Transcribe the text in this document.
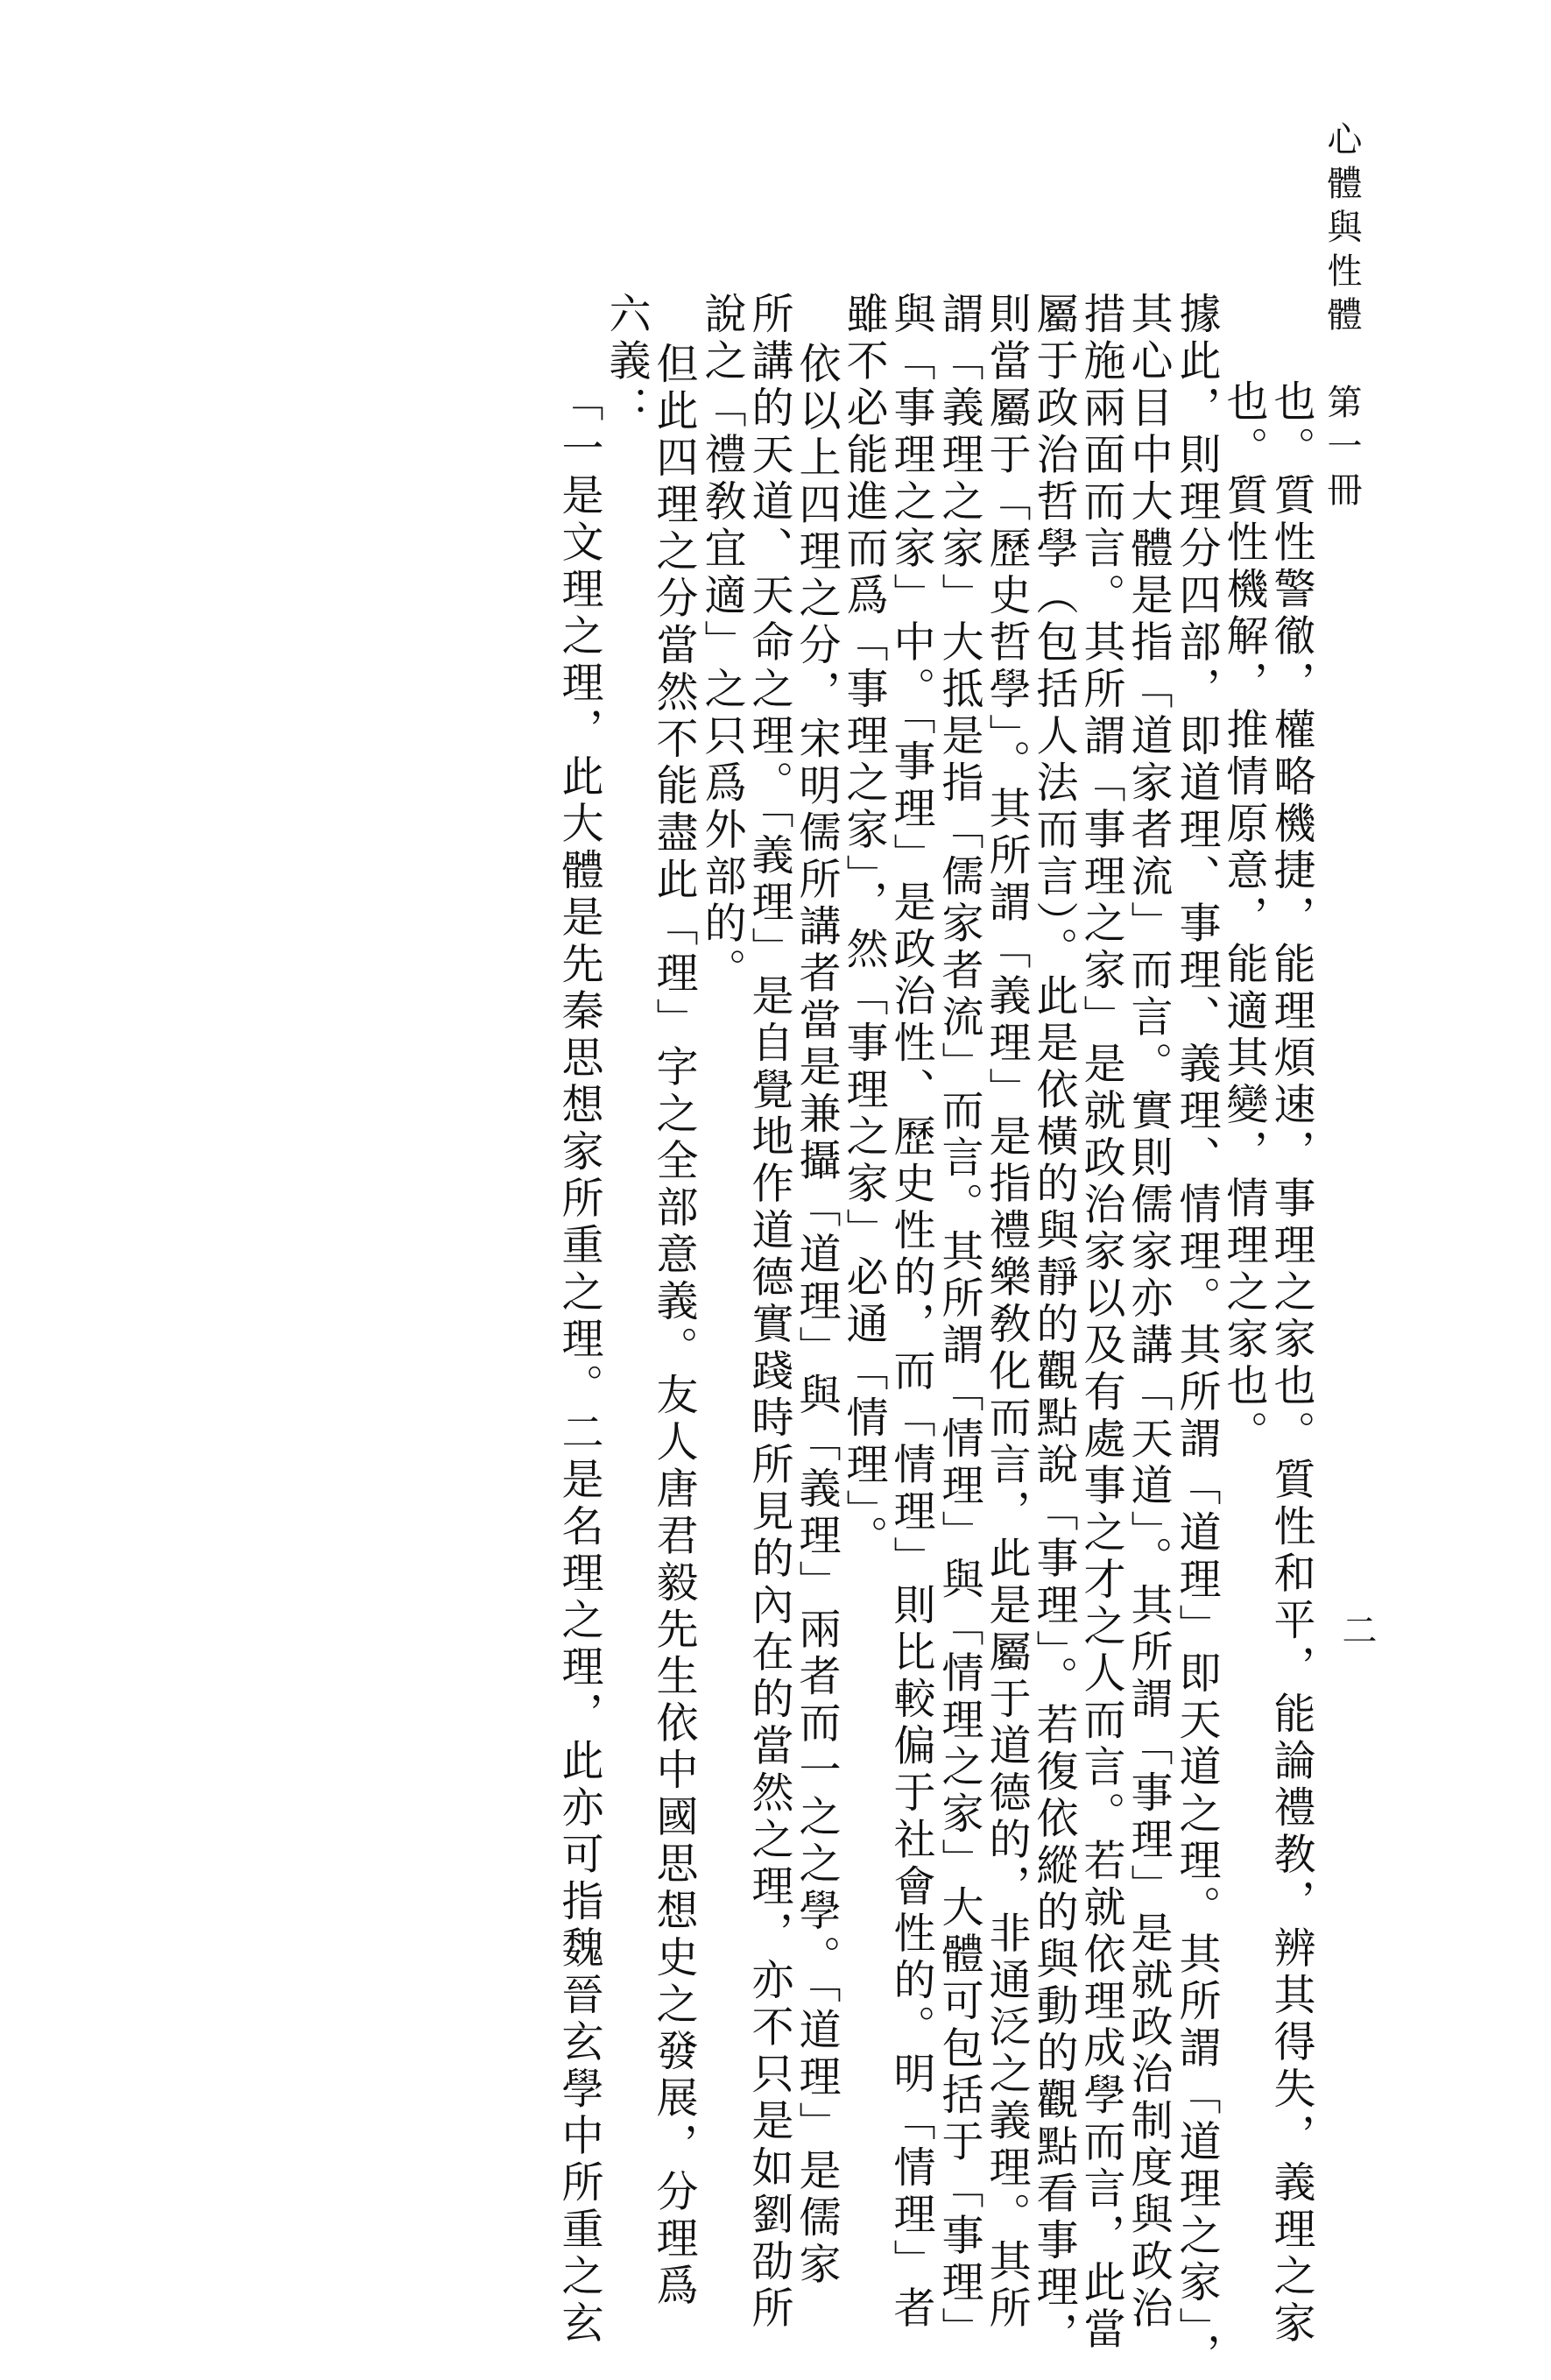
心體與性體　第一冊
二
也。質性警徹，權略機捷，能理煩速，事理之家也。質性和平，能論禮教，辨其得失，義理之家
也。質性機解，推情原意，能適其變，情理之家也。
據此，則理分四部，即道理、事理、義理、情理。其所謂「道理」即天道之理。其所謂「道理之家」，
其心目中大體是指「道家者流」而言。實則儒家亦講「天道」。其所謂「事理」是就政治制度與政治
措施兩面而言。其所謂「事理之家」是就政治家以及有處事之才之人而言。若就依理成學而言，此當
屬于政治哲學（包括人法而言）。此是依橫的與靜的觀點說「事理」。若復依縱的與動的觀點看事理，
則當屬于「歷史哲學」。其所謂「義理」是指禮樂敎化而言，此是屬于道德的，非通泛之義理。其所
謂「義理之家」大抵是指「儒家者流」而言。其所謂「情理」與「情理之家」大體可包括于「事理」
與「事理之家」中。「事理」是政治性、歷史性的，而「情理」則比較偏于社會性的。明「情理」者
雖不必能進而爲「事理之家」，然「事理之家」必通「情理」。
依以上四理之分，宋明儒所講者當是兼攝「道理」與「義理」兩者而一之之學。「道理」是儒家
所講的天道、天命之理。「義理」是自覺地作道德實踐時所見的內在的當然之理，亦不只是如劉劭所
說之「禮敎宜適」之只爲外部的。
但此四理之分當然不能盡此「理」字之全部意義。友人唐君毅先生依中國思想史之發展，分理爲
六義：
「一是文理之理，此大體是先秦思想家所重之理。二是名理之理，此亦可指魏晉玄學中所重之玄
